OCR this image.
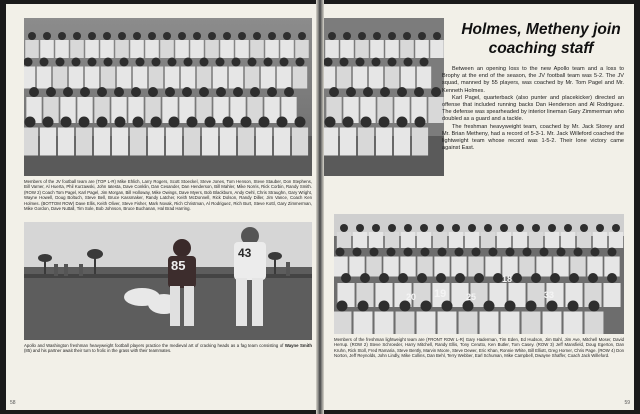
Members of the JV football team are (TOP L-R) Mike Ehlich, Larry Rogers, Scott Stoeckel, Steve Jones, Tom Henson, Steve Stauber, Don Stephens, Bill Varner, Al Huerta, Phil Kurzawski, John Iatesta, Dave Conklin, Dan Cesander, Dan Henderson, Bill Mahler, Mike Norris, Rick Corbin, Randy Smith. (ROW 2) Coach Tom Pagel, Karl Pagel, Jim Morgan, Bill Holloway, Mike Owings, Dave Myers, Bob Blackburn, Andy Oehl, Chris Straughn, Gary Wright, Wayne Howell, Doug Boltuch, Steve Bell, Bruce Kassmaker, Randy Latcher, Keith McDonnell, Rick Dolson, Randy Diller, Jim Vance, Coach Ken Holmes. (BOTTOM ROW) Dave Ellis, Keith Oliver, Steve Fisher, Mark Novak, Rich Christman, Al Rodriguez, Rich Burt, Steve Kottl, Gary Zimmerman, Mike Gordon, Dave Nuttall, Tim Sole, Bob Johnson, Bruce Buchanan, Hal Brad Harring.
85
43
Apollo and Washington freshman heavyweight football players practice the medieval art of cracking heads as a fag team consisting of Wayne Smith (85) and his partner await their turn to frolic in the grass with their teammates.
58
Holmes, Metheny join coaching staff

Between an opening loss to the new Apollo team and a loss to Brophy at the end of the season, the JV football team was 5-2. The JV squad, manned by 55 players, was coached by Mr. Tom Pagel and Mr. Kenneth Holmes.

Karl Pagel, quarterback (also punter and placekicker) directed an offense that included running backs Dan Henderson and Al Rodriguez. The defense was spearheaded by interior lineman Gary Zimmerman who doubled as a guard and a tackle.

The freshman heavyweight team, coached by Mr. Jack Storey and Mr. Brian Metheny, had a record of 5-3-1. Mr. Jack Willeford coached the lightweight team whose record was 1-5-2. Their lone victory came against East.

19
20	25	33
18
Members of the freshman lightweight team are (FRONT ROW L-R) Gary Haderman, Tim Eden, Ed Hudson, Jim Bahl, Jim Ave, Mitchell Moser, David Herrup. (ROW 2) Steve Schroeder, Harry Mitchell, Randy Ellis, Tony Cerutto, Ken Butler, Tom Casey. (ROW 3) Jeff Mansfield, Doug Egerton, Dan Kruhn, Rick Stoll, Fred Ramaria, Steve Bently, Marvin Moore, Steve Dewer, Eric Khan, Ronnie White, Bill Elliott, Greg Horner, Chris Page. (ROW 4) Don Norton, Jeff Reynolds, John Lindly, Mike Collins, Dan Behl, Terry Webber, Earl Schuman, Mike Campbell, Dwayne Shaffer, Coach Jack Willeford.
59
